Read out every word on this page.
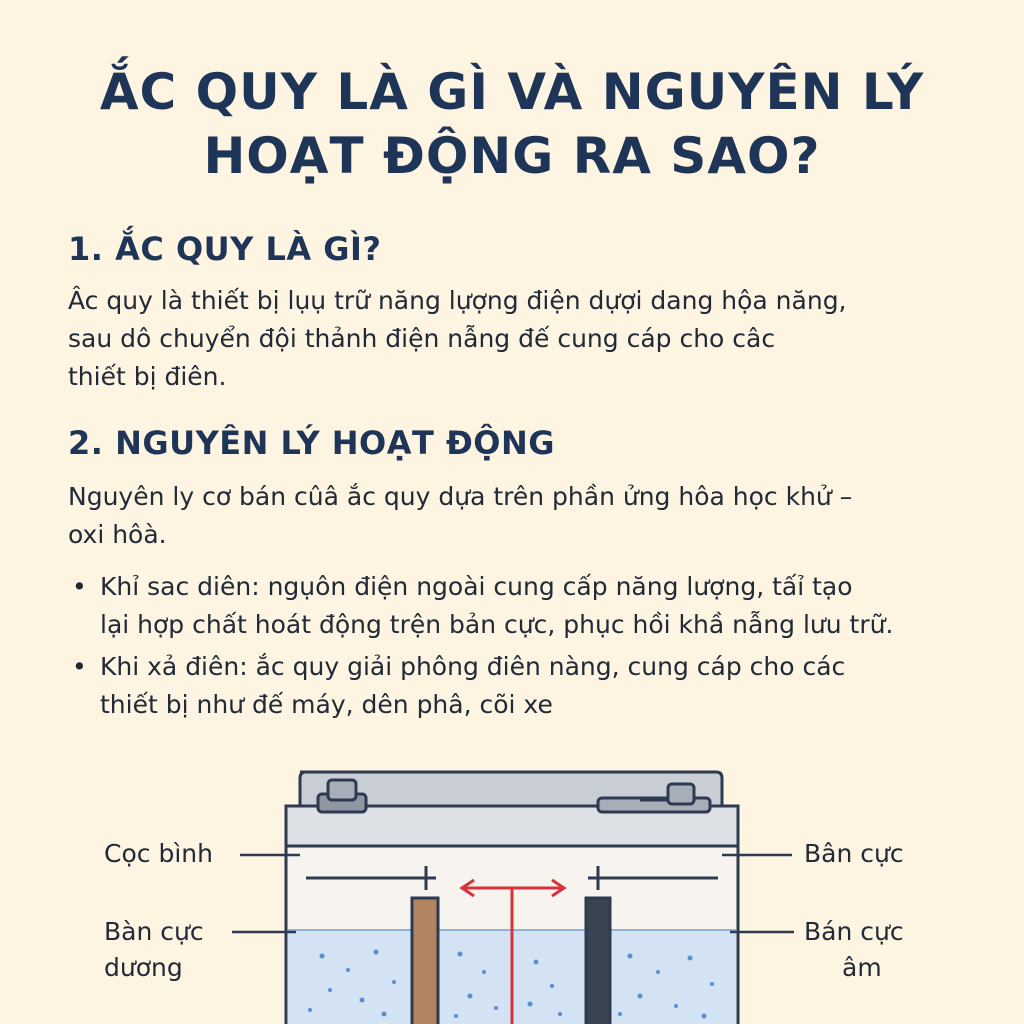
ẮC QUY LÀ GÌ VÀ NGUYÊN LÝ
HOẠT ĐỘNG RA SAO?
1. ẮC QUY LÀ GÌ?
Âc quy là thiết bị lụụ trữ năng lựợng điện dựợi dang hộa năng,
sau dô chuyển đội thảnh điện nẫng đế cung cáp cho câc
thiết bị điên.
2. NGUYÊN LÝ HOẠT ĐỘNG
Nguyên ly cơ bán cûâ ắc quy dựa trên phần ửng hôa học khử –
oxi hôà.
• Khỉ sac diên: ngụôn điện ngoài cung cấp năng lượng, tấỉ tạo
lại hợp chất hoát động trện bản cực, phục hồi khầ nẫng lưu trữ.
• Khi xả điên: ắc quy giải phông điên nàng, cung cáp cho các
thiết bị như đế máy, dên phâ, cõi xe
Cọc bình
Bàn cực
dương
Bân cực
Bán cực
âm
